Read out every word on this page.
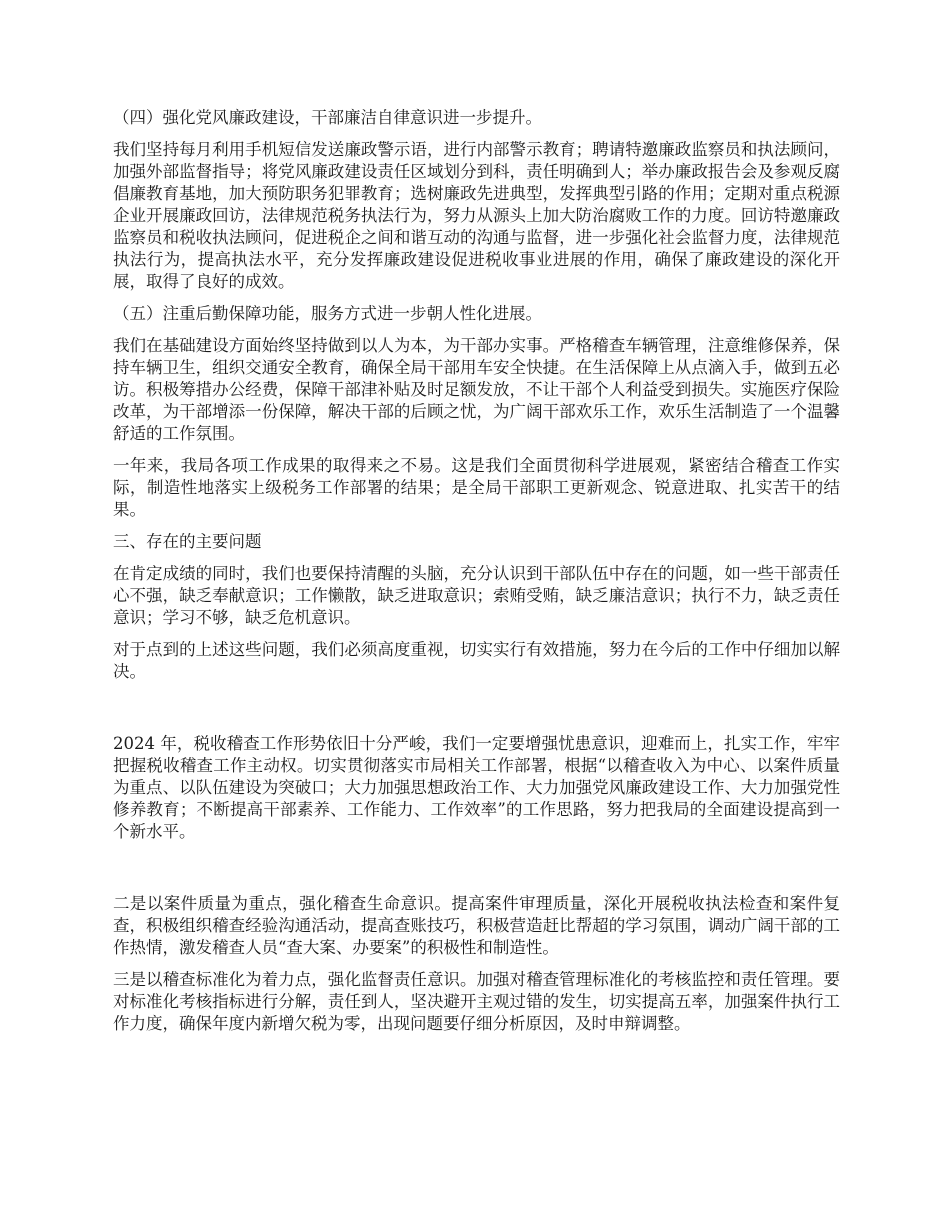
（四）强化党风廉政建设，干部廉洁自律意识进一步提升。

我们坚持每月利用手机短信发送廉政警示语，进行内部警示教育；聘请特邀廉政监察员和执法顾问，加强外部监督指导；将党风廉政建设责任区域划分到科，责任明确到人；举办廉政报告会及参观反腐倡廉教育基地，加大预防职务犯罪教育；选树廉政先进典型，发挥典型引路的作用；定期对重点税源企业开展廉政回访，法律规范税务执法行为，努力从源头上加大防治腐败工作的力度。回访特邀廉政监察员和税收执法顾问，促进税企之间和谐互动的沟通与监督，进一步强化社会监督力度，法律规范执法行为，提高执法水平，充分发挥廉政建设促进税收事业进展的作用，确保了廉政建设的深化开展，取得了良好的成效。

（五）注重后勤保障功能，服务方式进一步朝人性化进展。

我们在基础建设方面始终坚持做到以人为本，为干部办实事。严格稽查车辆管理，注意维修保养，保持车辆卫生，组织交通安全教育，确保全局干部用车安全快捷。在生活保障上从点滴入手，做到五必访。积极筹措办公经费，保障干部津补贴及时足额发放，不让干部个人利益受到损失。实施医疗保险改革，为干部增添一份保障，解决干部的后顾之忧，为广阔干部欢乐工作，欢乐生活制造了一个温馨舒适的工作氛围。

一年来，我局各项工作成果的取得来之不易。这是我们全面贯彻科学进展观，紧密结合稽查工作实际，制造性地落实上级税务工作部署的结果；是全局干部职工更新观念、锐意进取、扎实苦干的结果。

三、存在的主要问题

在肯定成绩的同时，我们也要保持清醒的头脑，充分认识到干部队伍中存在的问题，如一些干部责任心不强，缺乏奉献意识；工作懒散，缺乏进取意识；索贿受贿，缺乏廉洁意识；执行不力，缺乏责任意识；学习不够，缺乏危机意识。

对于点到的上述这些问题，我们必须高度重视，切实实行有效措施，努力在今后的工作中仔细加以解决。

2024 年，税收稽查工作形势依旧十分严峻，我们一定要增强忧患意识，迎难而上，扎实工作，牢牢把握税收稽查工作主动权。切实贯彻落实市局相关工作部署，根据“以稽查收入为中心、以案件质量为重点、以队伍建设为突破口；大力加强思想政治工作、大力加强党风廉政建设工作、大力加强党性修养教育；不断提高干部素养、工作能力、工作效率”的工作思路，努力把我局的全面建设提高到一个新水平。

二是以案件质量为重点，强化稽查生命意识。提高案件审理质量，深化开展税收执法检查和案件复查，积极组织稽查经验沟通活动，提高查账技巧，积极营造赶比帮超的学习氛围，调动广阔干部的工作热情，激发稽查人员“查大案、办要案”的积极性和制造性。

三是以稽查标准化为着力点，强化监督责任意识。加强对稽查管理标准化的考核监控和责任管理。要对标准化考核指标进行分解，责任到人，坚决避开主观过错的发生，切实提高五率，加强案件执行工作力度，确保年度内新增欠税为零，出现问题要仔细分析原因，及时申辩调整。
